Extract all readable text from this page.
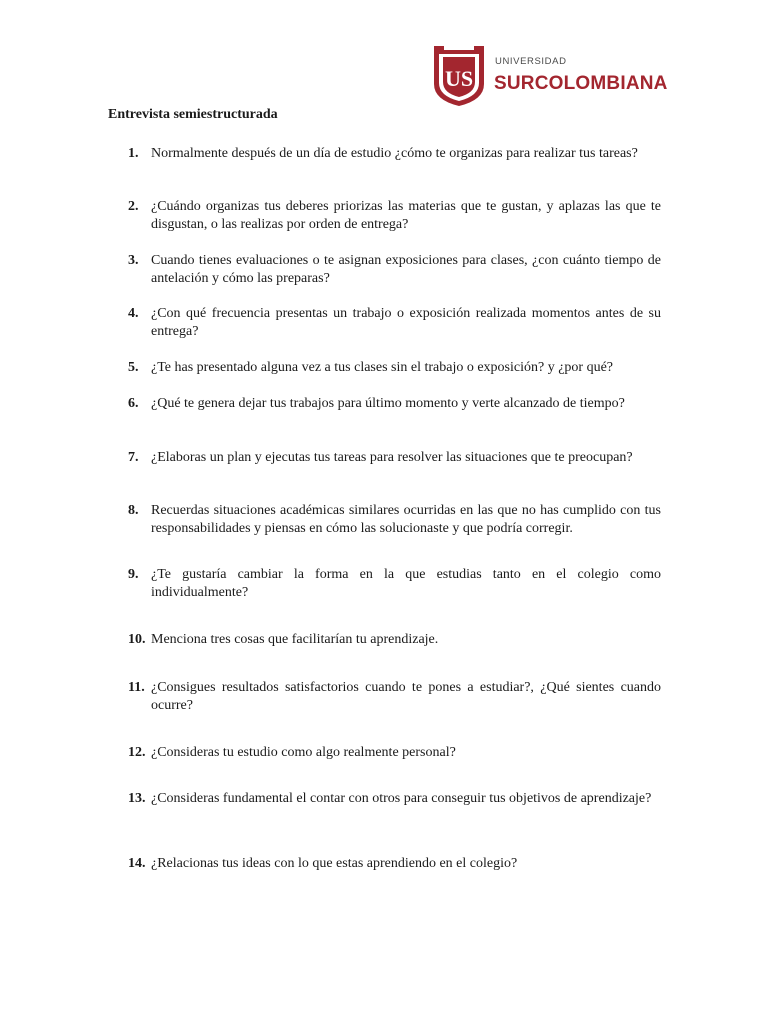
US
UNIVERSIDAD
SURCOLOMBIANA
Entrevista semiestructurada
1. Normalmente después de un día de estudio ¿cómo te organizas para realizar tus tareas?
2. ¿Cuándo organizas tus deberes priorizas las materias que te gustan, y aplazas las que te disgustan, o las realizas por orden de entrega?
3. Cuando tienes evaluaciones o te asignan exposiciones para clases, ¿con cuánto tiempo de antelación y cómo las preparas?
4. ¿Con qué frecuencia presentas un trabajo o exposición realizada momentos antes de su entrega?
5. ¿Te has presentado alguna vez a tus clases sin el trabajo o exposición? y ¿por qué?
6. ¿Qué te genera dejar tus trabajos para último momento y verte alcanzado de tiempo?
7. ¿Elaboras un plan y ejecutas tus tareas para resolver las situaciones que te preocupan?
8. Recuerdas situaciones académicas similares ocurridas en las que no has cumplido con tus responsabilidades y piensas en cómo las solucionaste y que podría corregir.
9. ¿Te gustaría cambiar la forma en la que estudias tanto en el colegio como individualmente?
10. Menciona tres cosas que facilitarían tu aprendizaje.
11. ¿Consigues resultados satisfactorios cuando te pones a estudiar?, ¿Qué sientes cuando ocurre?
12. ¿Consideras tu estudio como algo realmente personal?
13. ¿Consideras fundamental el contar con otros para conseguir tus objetivos de aprendizaje?
14. ¿Relacionas tus ideas con lo que estas aprendiendo en el colegio?
